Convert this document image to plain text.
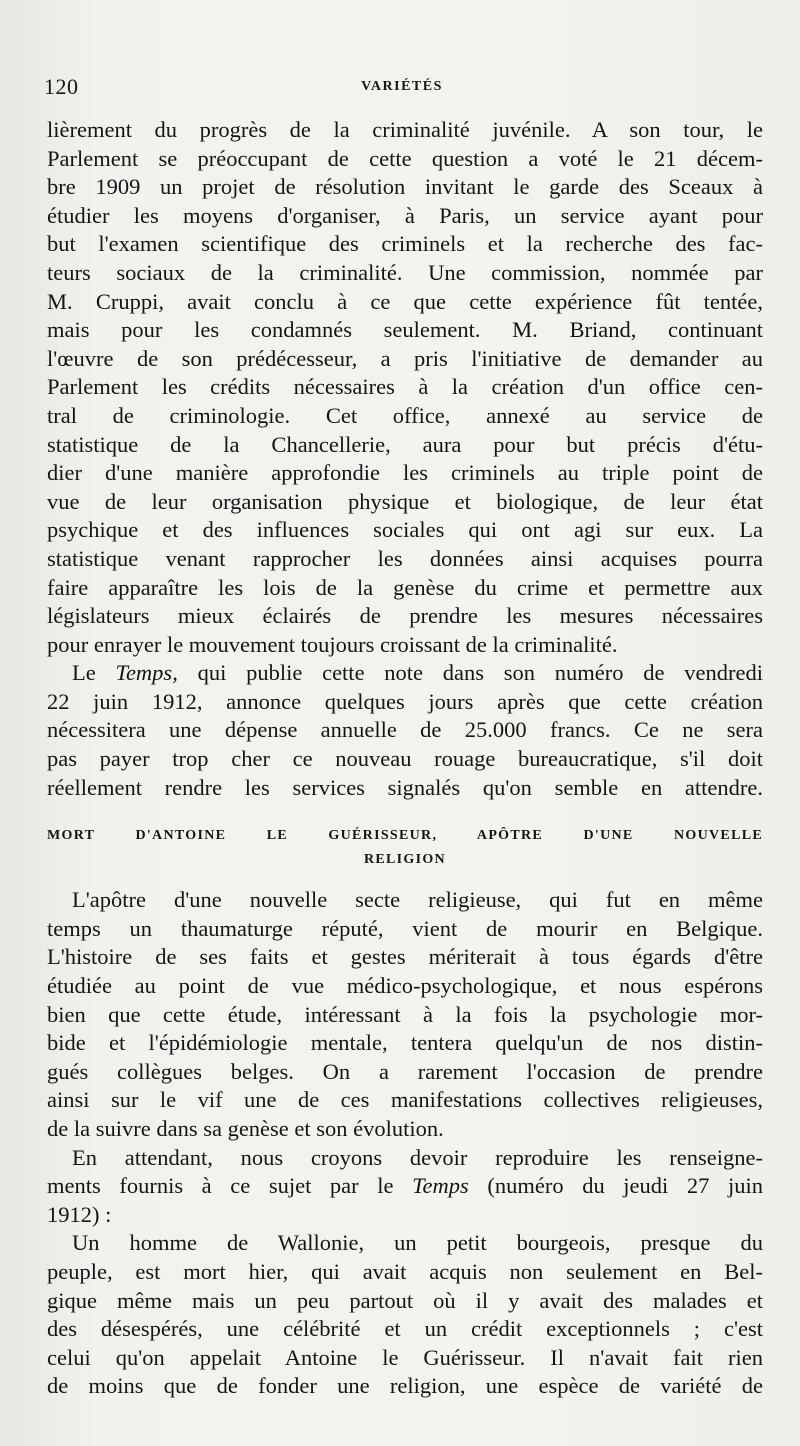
120	VARIÉTÉS
lièrement du progrès de la criminalité juvénile. A son tour, le
Parlement se préoccupant de cette question a voté le 21 décem-
bre 1909 un projet de résolution invitant le garde des Sceaux à
étudier les moyens d'organiser, à Paris, un service ayant pour
but l'examen scientifique des criminels et la recherche des fac-
teurs sociaux de la criminalité. Une commission, nommée par
M. Cruppi, avait conclu à ce que cette expérience fût tentée,
mais pour les condamnés seulement. M. Briand, continuant
l'œuvre de son prédécesseur, a pris l'initiative de demander au
Parlement les crédits nécessaires à la création d'un office cen-
tral de criminologie. Cet office, annexé au service de
statistique de la Chancellerie, aura pour but précis d'étu-
dier d'une manière approfondie les criminels au triple point de
vue de leur organisation physique et biologique, de leur état
psychique et des influences sociales qui ont agi sur eux. La
statistique venant rapprocher les données ainsi acquises pourra
faire apparaître les lois de la genèse du crime et permettre aux
législateurs mieux éclairés de prendre les mesures nécessaires
pour enrayer le mouvement toujours croissant de la criminalité.
Le Temps, qui publie cette note dans son numéro de vendredi
22 juin 1912, annonce quelques jours après que cette création
nécessitera une dépense annuelle de 25.000 francs. Ce ne sera
pas payer trop cher ce nouveau rouage bureaucratique, s'il doit
réellement rendre les services signalés qu'on semble en attendre.
MORT D'ANTOINE LE GUÉRISSEUR, APÔTRE D'UNE NOUVELLE
RELIGION
L'apôtre d'une nouvelle secte religieuse, qui fut en même
temps un thaumaturge réputé, vient de mourir en Belgique.
L'histoire de ses faits et gestes mériterait à tous égards d'être
étudiée au point de vue médico-psychologique, et nous espérons
bien que cette étude, intéressant à la fois la psychologie mor-
bide et l'épidémiologie mentale, tentera quelqu'un de nos distin-
gués collègues belges. On a rarement l'occasion de prendre
ainsi sur le vif une de ces manifestations collectives religieuses,
de la suivre dans sa genèse et son évolution.
En attendant, nous croyons devoir reproduire les renseigne-
ments fournis à ce sujet par le Temps (numéro du jeudi 27 juin
1912) :
Un homme de Wallonie, un petit bourgeois, presque du
peuple, est mort hier, qui avait acquis non seulement en Bel-
gique même mais un peu partout où il y avait des malades et
des désespérés, une célébrité et un crédit exceptionnels ; c'est
celui qu'on appelait Antoine le Guérisseur. Il n'avait fait rien
de moins que de fonder une religion, une espèce de variété de
